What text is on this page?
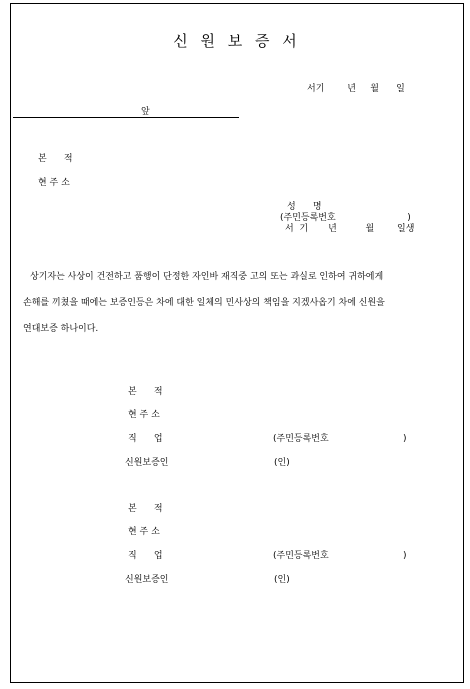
신 원 보 증 서
서기        년     월      일
앞
본      적
현 주 소
성      명
(주민등록번호                         )
서  기       년          월        일생
상기자는 사상이 건전하고 품행이 단정한 자인바 재직중 고의 또는 과실로 인하여 귀하에게
손해를 끼쳤을 때에는 보증인등은 차에 대한 일체의 민사상의 책임을 지겠사옵기 차에 신원을
연대보증 하나이다.
본      적
현 주 소
직      업	(주민등록번호                          )
신원보증인	(인)
본      적
현 주 소
직      업	(주민등록번호                          )
신원보증인	(인)
